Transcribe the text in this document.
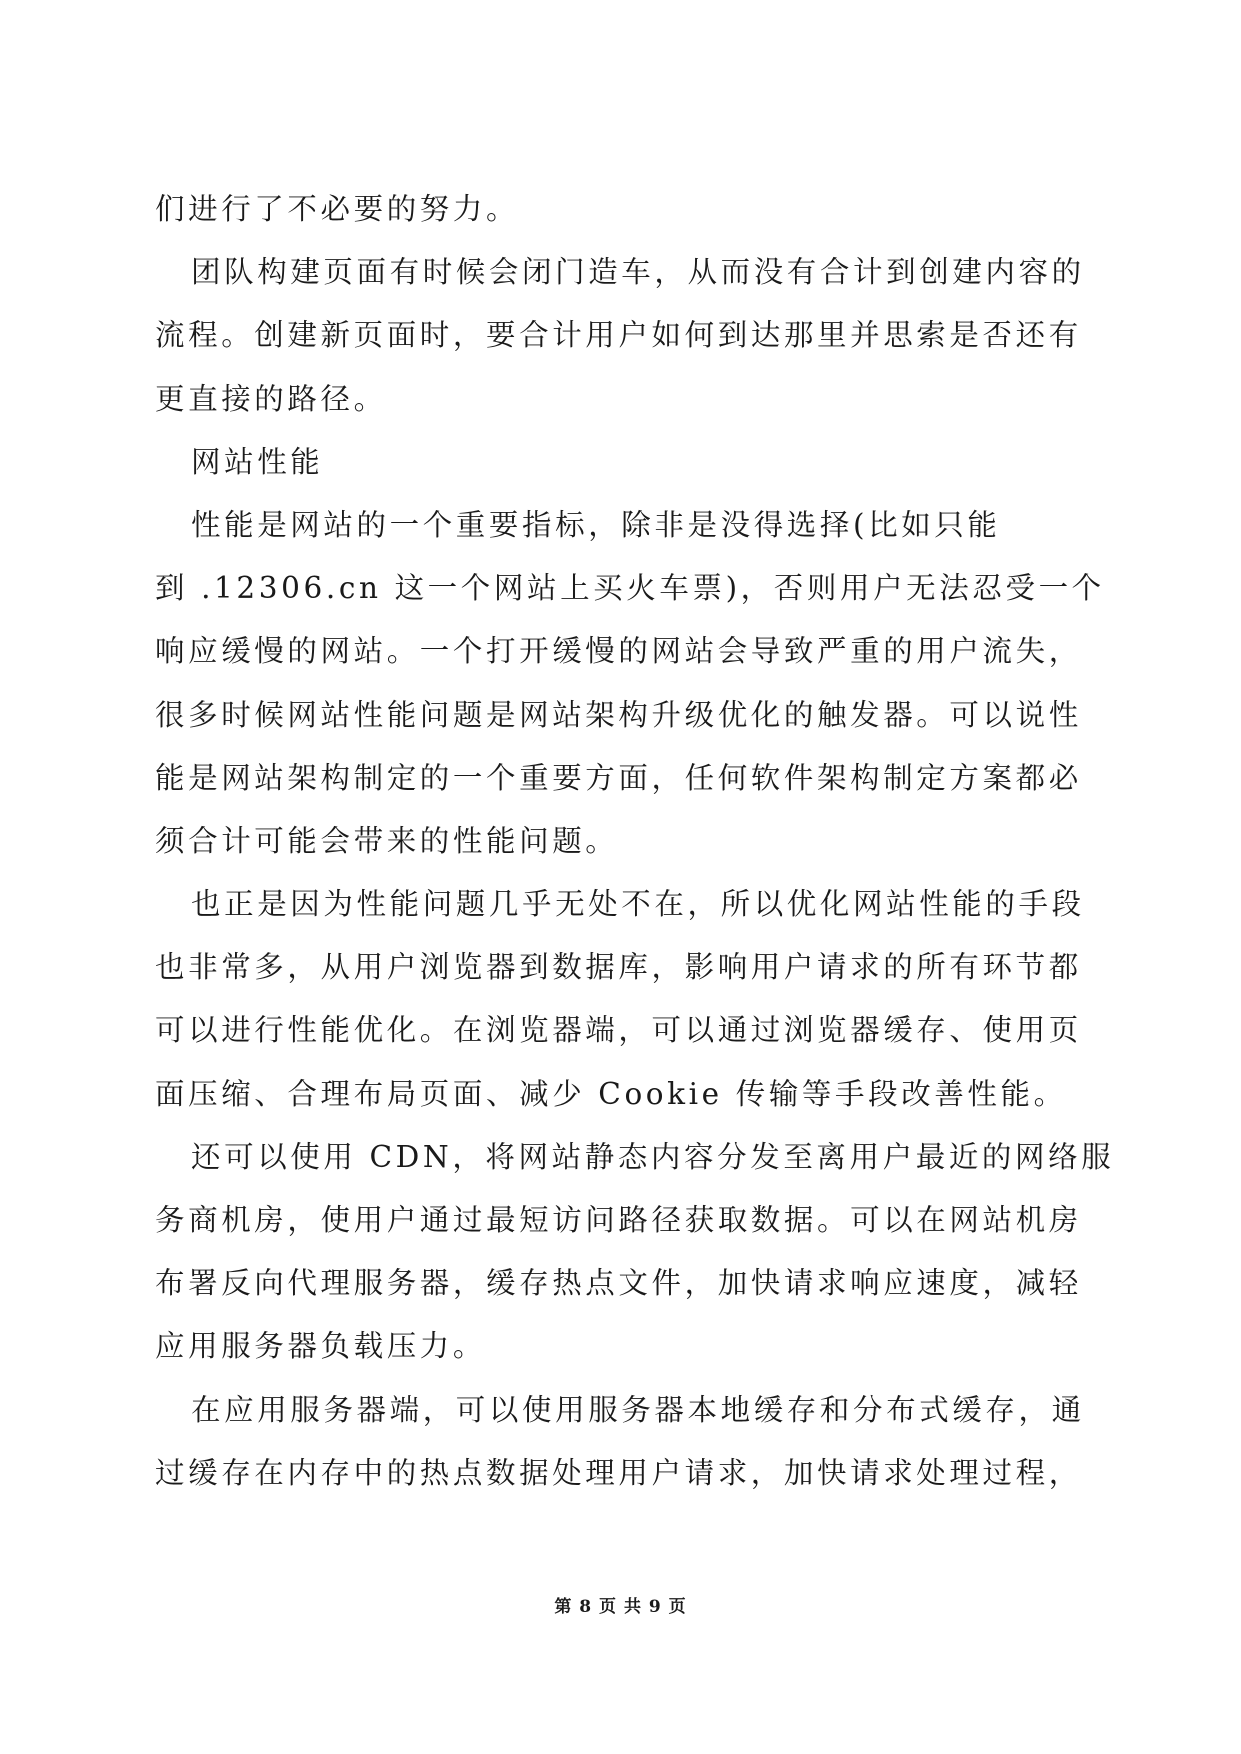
们进行了不必要的努力。
团队构建页面有时候会闭门造车，从而没有合计到创建内容的
流程。创建新页面时，要合计用户如何到达那里并思索是否还有
更直接的路径。
网站性能
性能是网站的一个重要指标，除非是没得选择(比如只能
到 .12306.cn 这一个网站上买火车票)，否则用户无法忍受一个
响应缓慢的网站。一个打开缓慢的网站会导致严重的用户流失，
很多时候网站性能问题是网站架构升级优化的触发器。可以说性
能是网站架构制定的一个重要方面，任何软件架构制定方案都必
须合计可能会带来的性能问题。
也正是因为性能问题几乎无处不在，所以优化网站性能的手段
也非常多，从用户浏览器到数据库，影响用户请求的所有环节都
可以进行性能优化。在浏览器端，可以通过浏览器缓存、使用页
面压缩、合理布局页面、减少 Cookie 传输等手段改善性能。
还可以使用 CDN，将网站静态内容分发至离用户最近的网络服
务商机房，使用户通过最短访问路径获取数据。可以在网站机房
布署反向代理服务器，缓存热点文件，加快请求响应速度，减轻
应用服务器负载压力。
在应用服务器端，可以使用服务器本地缓存和分布式缓存，通
过缓存在内存中的热点数据处理用户请求，加快请求处理过程，
第 8 页 共 9 页
